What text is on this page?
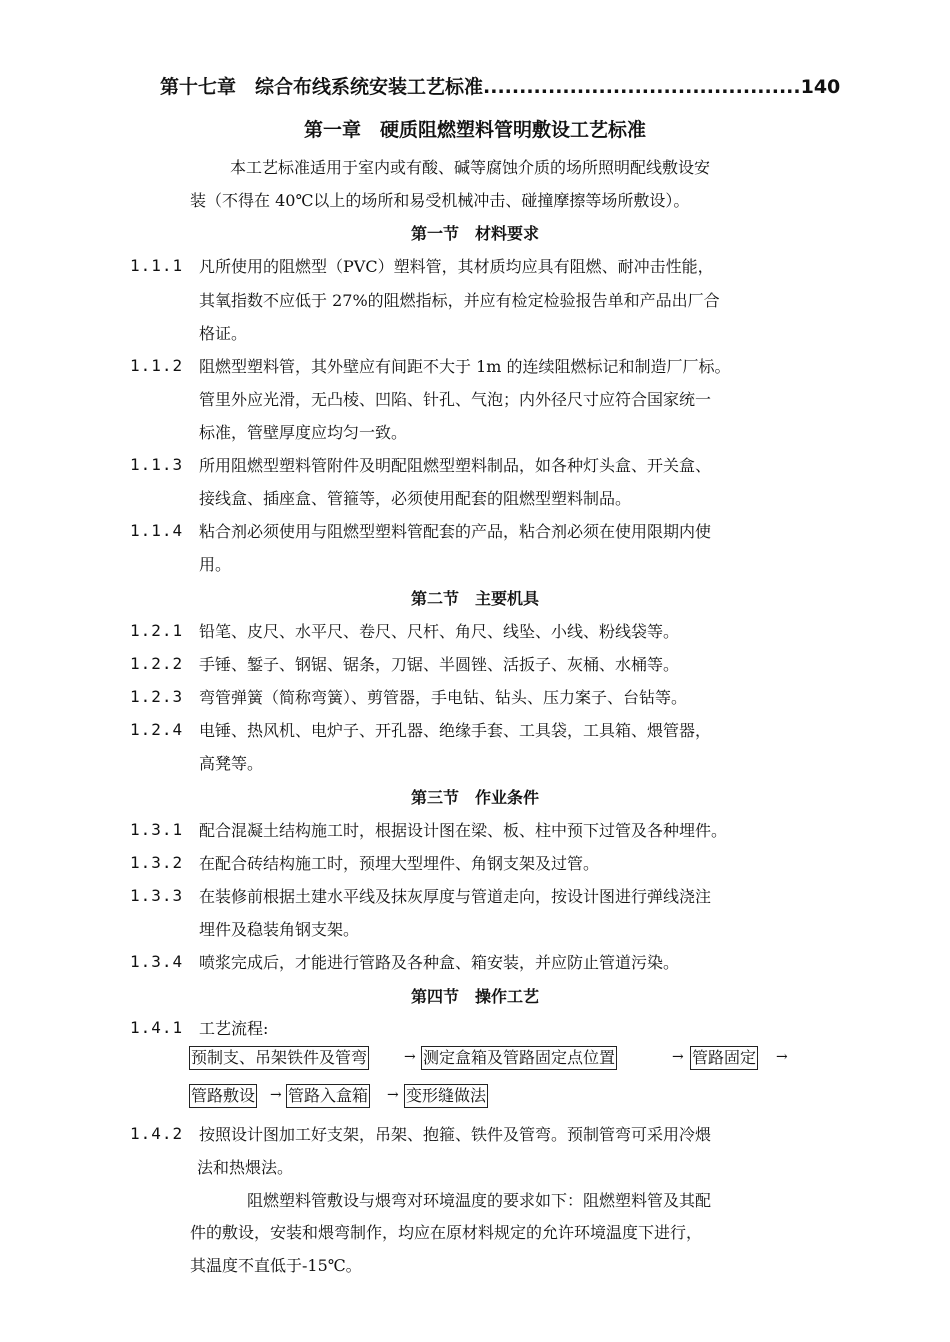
第十七章　综合布线系统安装工艺标准............................................140
第一章　硬质阻燃塑料管明敷设工艺标准
本工艺标准适用于室内或有酸、碱等腐蚀介质的场所照明配线敷设安
装（不得在 40℃以上的场所和易受机械冲击、碰撞摩擦等场所敷设）。
第一节　材料要求
1.1.1 凡所使用的阻燃型（PVC）塑料管，其材质均应具有阻燃、耐冲击性能，
其氧指数不应低于 27%的阻燃指标，并应有检定检验报告单和产品出厂合
格证。
1.1.2 阻燃型塑料管，其外壁应有间距不大于 1m 的连续阻燃标记和制造厂厂标。
管里外应光滑，无凸棱、凹陷、针孔、气泡；内外径尺寸应符合国家统一
标准，管壁厚度应均匀一致。
1.1.3 所用阻燃型塑料管附件及明配阻燃型塑料制品，如各种灯头盒、开关盒、
接线盒、插座盒、管箍等，必须使用配套的阻燃型塑料制品。
1.1.4 粘合剂必须使用与阻燃型塑料管配套的产品，粘合剂必须在使用限期内使
用。
第二节　主要机具
1.2.1 铅笔、皮尺、水平尺、卷尺、尺杆、角尺、线坠、小线、粉线袋等。
1.2.2 手锤、錾子、钢锯、锯条，刀锯、半圆锉、活扳子、灰桶、水桶等。
1.2.3 弯管弹簧（简称弯簧）、剪管器，手电钻、钻头、压力案子、台钻等。
1.2.4 电锤、热风机、电炉子、开孔器、绝缘手套、工具袋，工具箱、煨管器，
高凳等。
第三节　作业条件
1.3.1 配合混凝土结构施工时，根据设计图在梁、板、柱中预下过管及各种埋件。
1.3.2 在配合砖结构施工时，预埋大型埋件、角钢支架及过管。
1.3.3 在装修前根据土建水平线及抹灰厚度与管道走向，按设计图进行弹线浇注
埋件及稳装角钢支架。
1.3.4 喷浆完成后，才能进行管路及各种盒、箱安装，并应防止管道污染。
第四节　操作工艺
1.4.1 工艺流程:
预制支、吊架铁件及管弯	→ 测定盒箱及管路固定点位置	→ 管路固定 →
管路敷设 → 管路入盒箱 → 变形缝做法
1.4.2 按照设计图加工好支架，吊架、抱箍、铁件及管弯。预制管弯可采用冷煨
法和热煨法。
阻燃塑料管敷设与煨弯对环境温度的要求如下：阻燃塑料管及其配
件的敷设，安装和煨弯制作，均应在原材料规定的允许环境温度下进行，
其温度不直低于-15℃。
